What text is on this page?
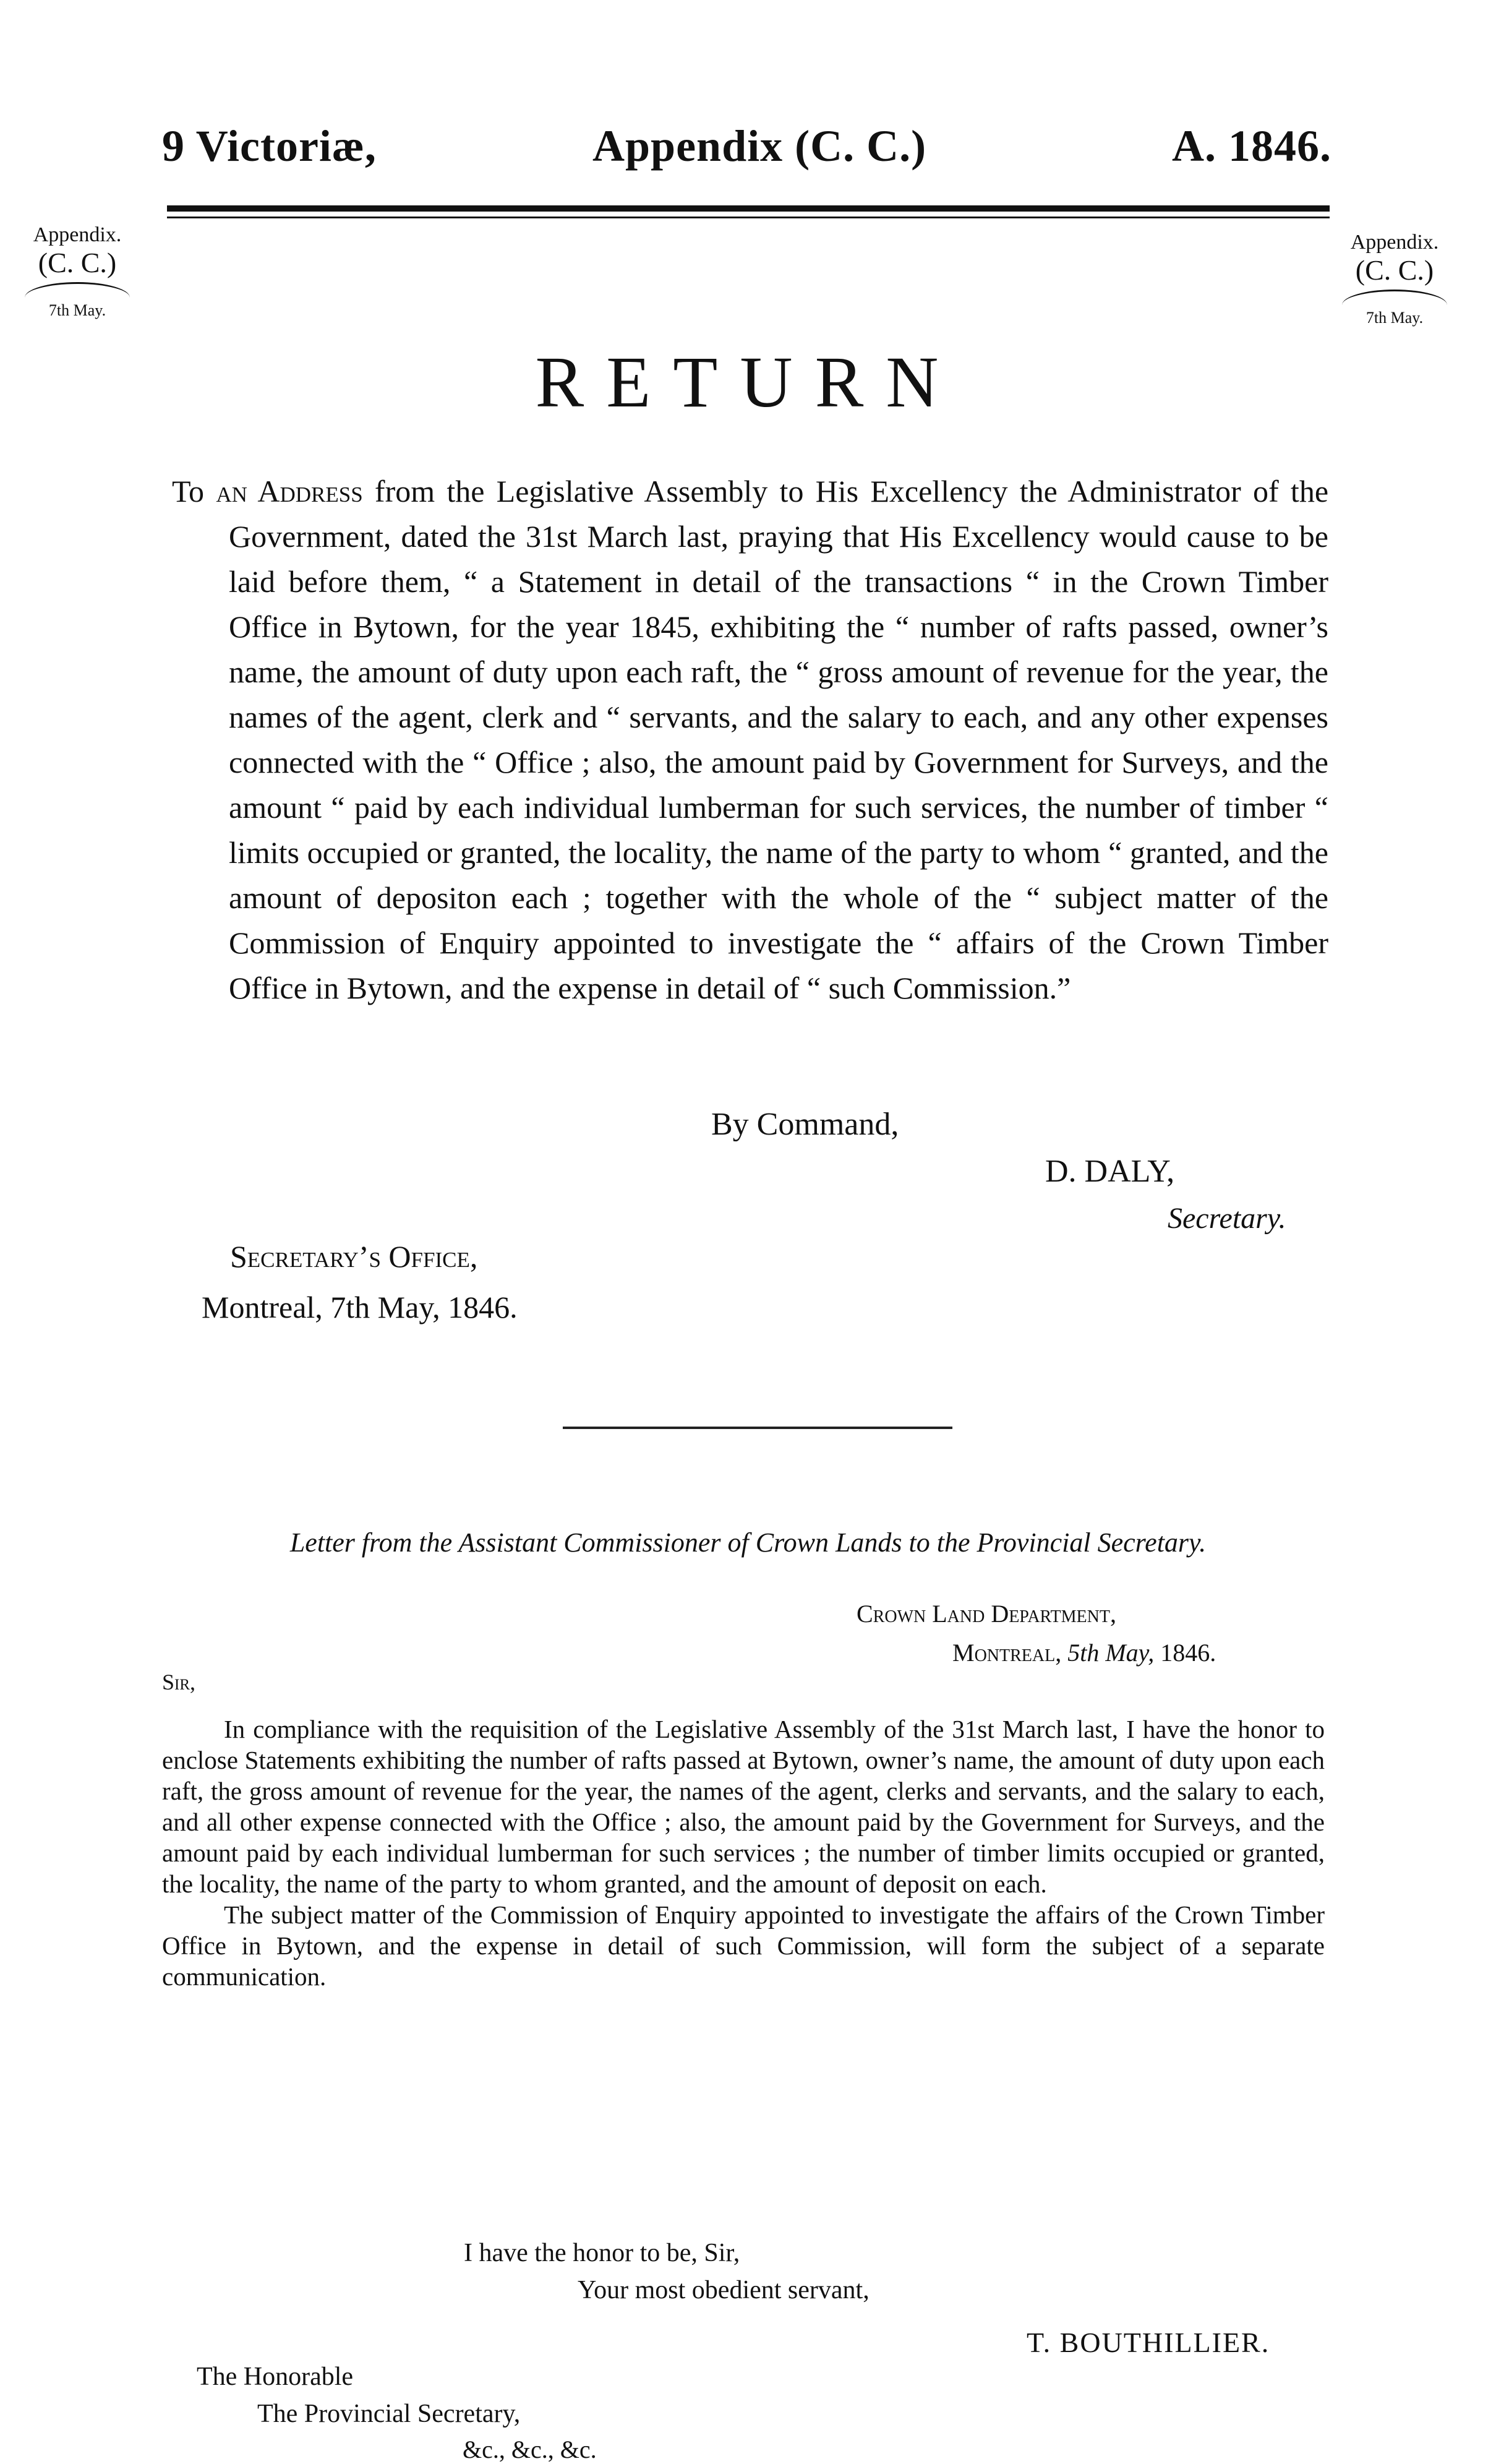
9 Victoriæ,	Appendix (C. C.)	A. 1846.
Appendix.
(C. C.)
7th May.
Appendix.
(C. C.)
7th May.
RETURN

To an Address from the Legislative Assembly to His Excellency the Administrator of the Government, dated the 31st March last, praying that His Excellency would cause to be laid before them, “ a Statement in detail of the transactions “ in the Crown Timber Office in Bytown, for the year 1845, exhibiting the “ number of rafts passed, owner’s name, the amount of duty upon each raft, the “ gross amount of revenue for the year, the names of the agent, clerk and “ servants, and the salary to each, and any other expenses connected with the “ Office ; also, the amount paid by Government for Surveys, and the amount “ paid by each individual lumberman for such services, the number of timber “ limits occupied or granted, the locality, the name of the party to whom “ granted, and the amount of depositon each ; together with the whole of the “ subject matter of the Commission of Enquiry appointed to investigate the “ affairs of the Crown Timber Office in Bytown, and the expense in detail of “ such Commission.”

By Command,
D. DALY,
Secretary.
Secretary’s Office,
Montreal, 7th May, 1846.
Letter from the Assistant Commissioner of Crown Lands to the Provincial Secretary.
Crown Land Department,
Montreal, 5th May, 1846.
Sir,

In compliance with the requisition of the Legislative Assembly of the 31st March last, I have the honor to enclose Statements exhibiting the number of rafts passed at Bytown, owner’s name, the amount of duty upon each raft, the gross amount of revenue for the year, the names of the agent, clerks and servants, and the salary to each, and all other expense connected with the Office ; also, the amount paid by the Government for Surveys, and the amount paid by each individual lumberman for such services ; the number of timber limits occupied or granted, the locality, the name of the party to whom granted, and the amount of deposit on each.

The subject matter of the Commission of Enquiry appointed to investigate the affairs of the Crown Timber Office in Bytown, and the expense in detail of such Commission, will form the subject of a separate communication.

I have the honor to be, Sir,
Your most obedient servant,
T. BOUTHILLIER.
The Honorable
The Provincial Secretary,
&c., &c., &c.
